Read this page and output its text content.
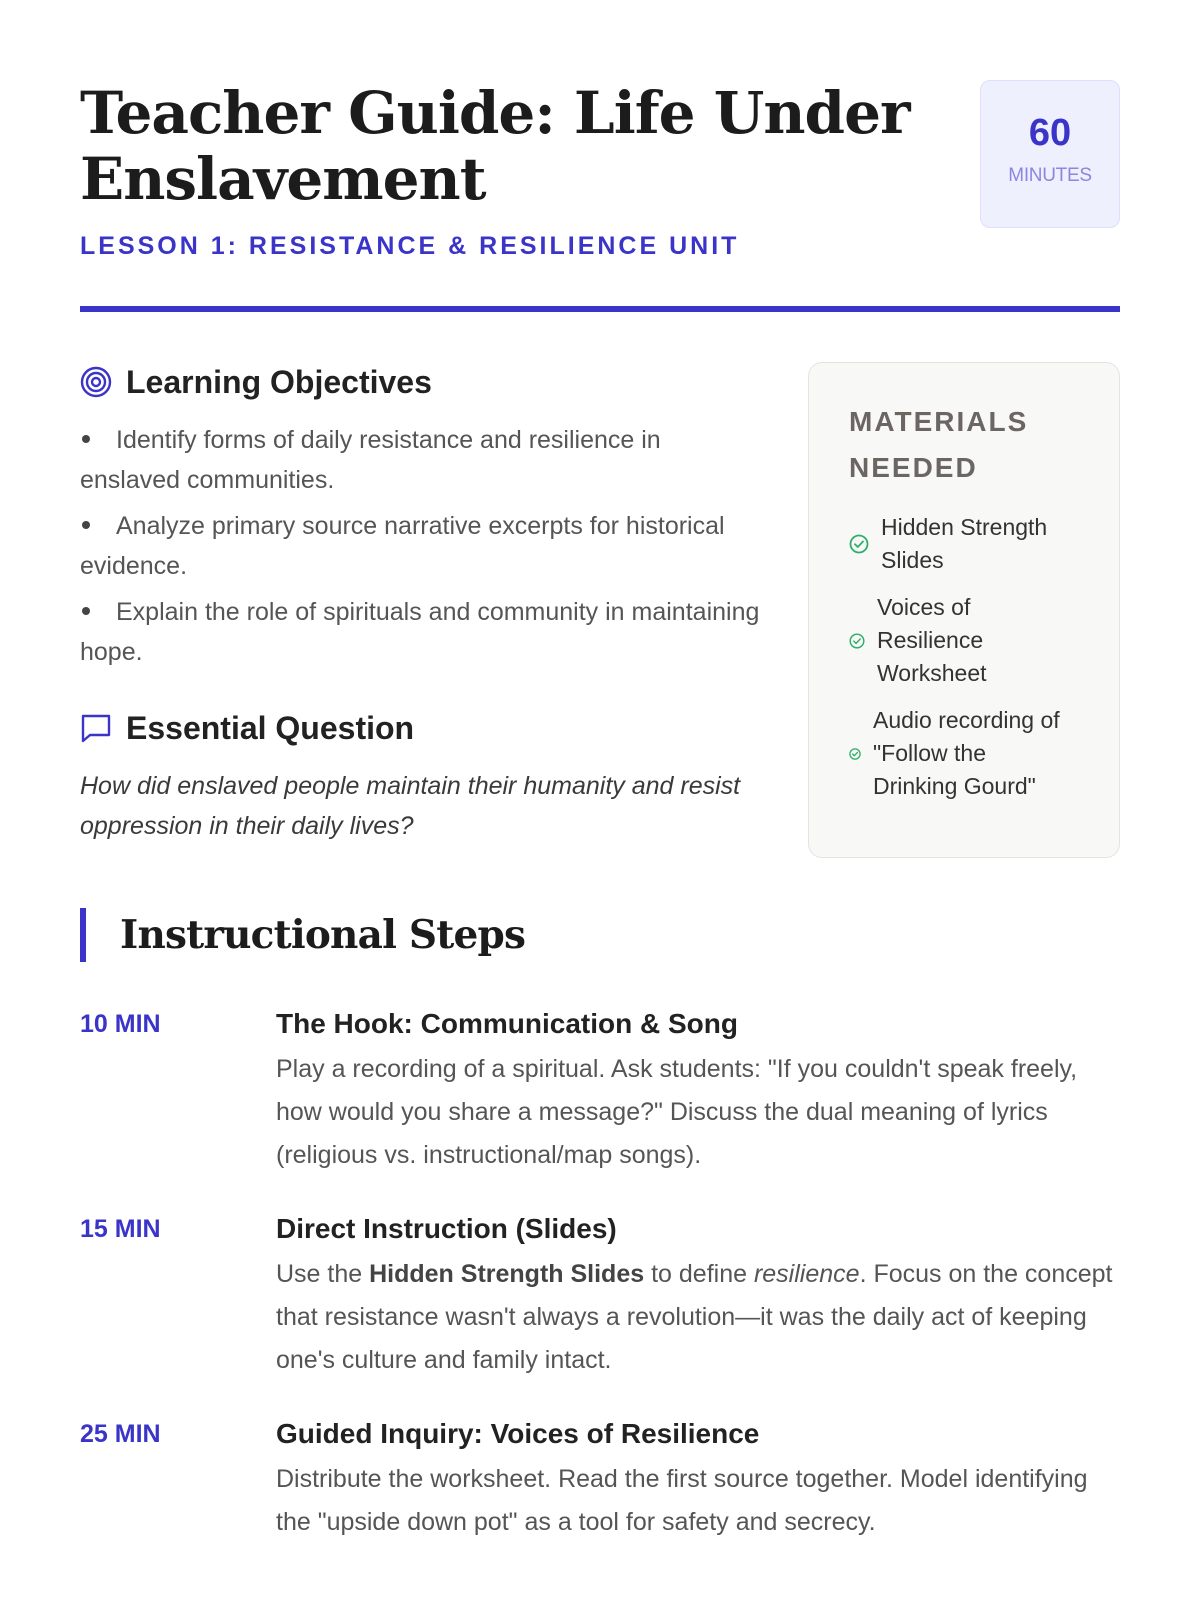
Teacher Guide: Life Under Enslavement
LESSON 1: RESISTANCE & RESILIENCE UNIT
60
MINUTES
Learning Objectives
Identify forms of daily resistance and resilience in enslaved communities.
Analyze primary source narrative excerpts for historical evidence.
Explain the role of spirituals and community in maintaining hope.
Essential Question

How did enslaved people maintain their humanity and resist oppression in their daily lives?

MATERIALS NEEDED
Hidden Strength Slides
Voices of Resilience Worksheet
Audio recording of "Follow the Drinking Gourd"
Instructional Steps
10 MIN	The Hook: Communication & Song

Play a recording of a spiritual. Ask students: "If you couldn't speak freely, how would you share a message?" Discuss the dual meaning of lyrics (religious vs. instructional/map songs).

15 MIN	Direct Instruction (Slides)

Use the Hidden Strength Slides to define resilience. Focus on the concept that resistance wasn't always a revolution—it was the daily act of keeping one's culture and family intact.

25 MIN	Guided Inquiry: Voices of Resilience

Distribute the worksheet. Read the first source together. Model identifying the "upside down pot" as a tool for safety and secrecy.
